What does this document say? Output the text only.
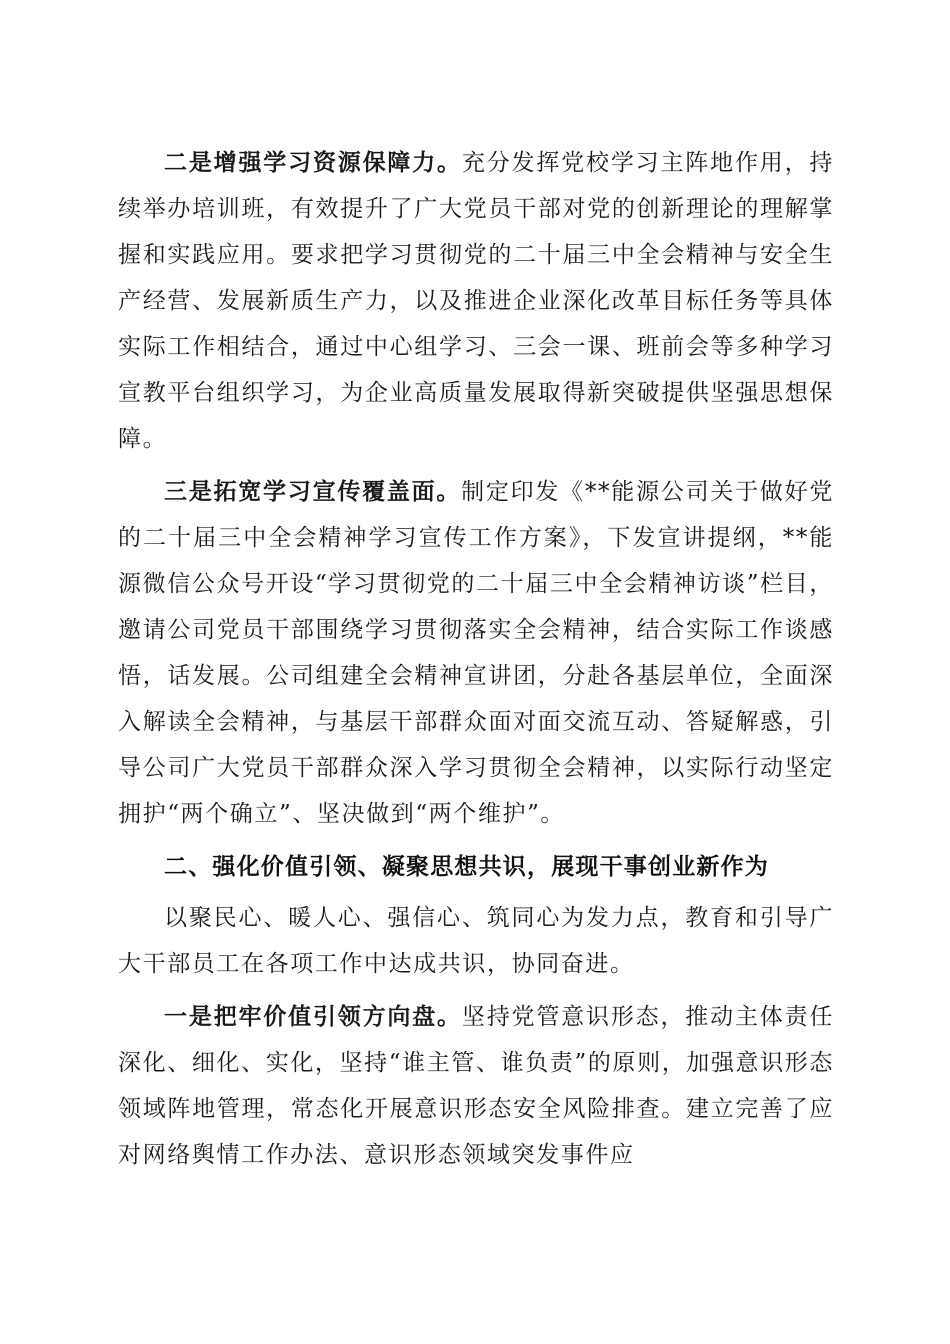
二是增强学习资源保障力。充分发挥党校学习主阵地作用，持续举办培训班，有效提升了广大党员干部对党的创新理论的理解掌握和实践应用。要求把学习贯彻党的二十届三中全会精神与安全生产经营、发展新质生产力，以及推进企业深化改革目标任务等具体实际工作相结合，通过中心组学习、三会一课、班前会等多种学习宣教平台组织学习，为企业高质量发展取得新突破提供坚强思想保障。

三是拓宽学习宣传覆盖面。制定印发《**能源公司关于做好党的二十届三中全会精神学习宣传工作方案》，下发宣讲提纲，**能源微信公众号开设“学习贯彻党的二十届三中全会精神访谈”栏目，邀请公司党员干部围绕学习贯彻落实全会精神，结合实际工作谈感悟，话发展。公司组建全会精神宣讲团，分赴各基层单位，全面深入解读全会精神，与基层干部群众面对面交流互动、答疑解惑，引导公司广大党员干部群众深入学习贯彻全会精神，以实际行动坚定拥护“两个确立”、坚决做到“两个维护”。

二、强化价值引领、凝聚思想共识，展现干事创业新作为

以聚民心、暖人心、强信心、筑同心为发力点，教育和引导广大干部员工在各项工作中达成共识，协同奋进。

一是把牢价值引领方向盘。坚持党管意识形态，推动主体责任深化、细化、实化，坚持“谁主管、谁负责”的原则，加强意识形态领域阵地管理，常态化开展意识形态安全风险排查。建立完善了应对网络舆情工作办法、意识形态领域突发事件应
